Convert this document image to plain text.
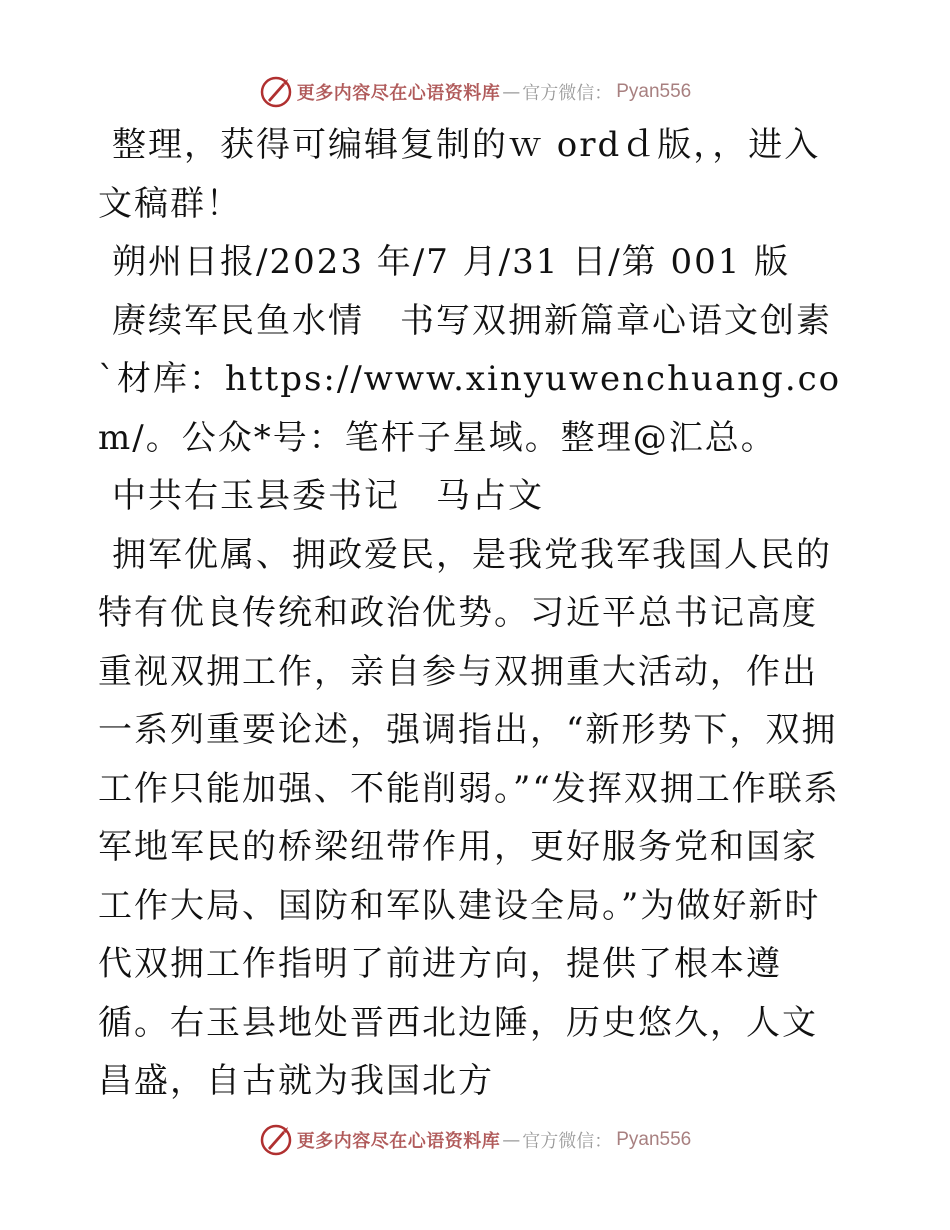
更多内容尽在心语资料库 — 官方微信： Pyan556

整理，获得可编辑复制的ｗ ordｄ版，，进入文稿群！

朔州日报/2023 年/7 月/31 日/第 001 版

赓续军民鱼水情　书写双拥新篇章心语文创素`材库：https://www.xinyuwenchuang.com/。公众*号：笔杆子星域。整理@汇总。

中共右玉县委书记　马占文

拥军优属、拥政爱民，是我党我军我国人民的特有优良传统和政治优势。习近平总书记高度重视双拥工作，亲自参与双拥重大活动，作出一系列重要论述，强调指出，“新形势下，双拥工作只能加强、不能削弱。”“发挥双拥工作联系军地军民的桥梁纽带作用，更好服务党和国家工作大局、国防和军队建设全局。”为做好新时代双拥工作指明了前进方向，提供了根本遵循。右玉县地处晋西北边陲，历史悠久，人文昌盛，自古就为我国北方

更多内容尽在心语资料库 — 官方微信： Pyan556
